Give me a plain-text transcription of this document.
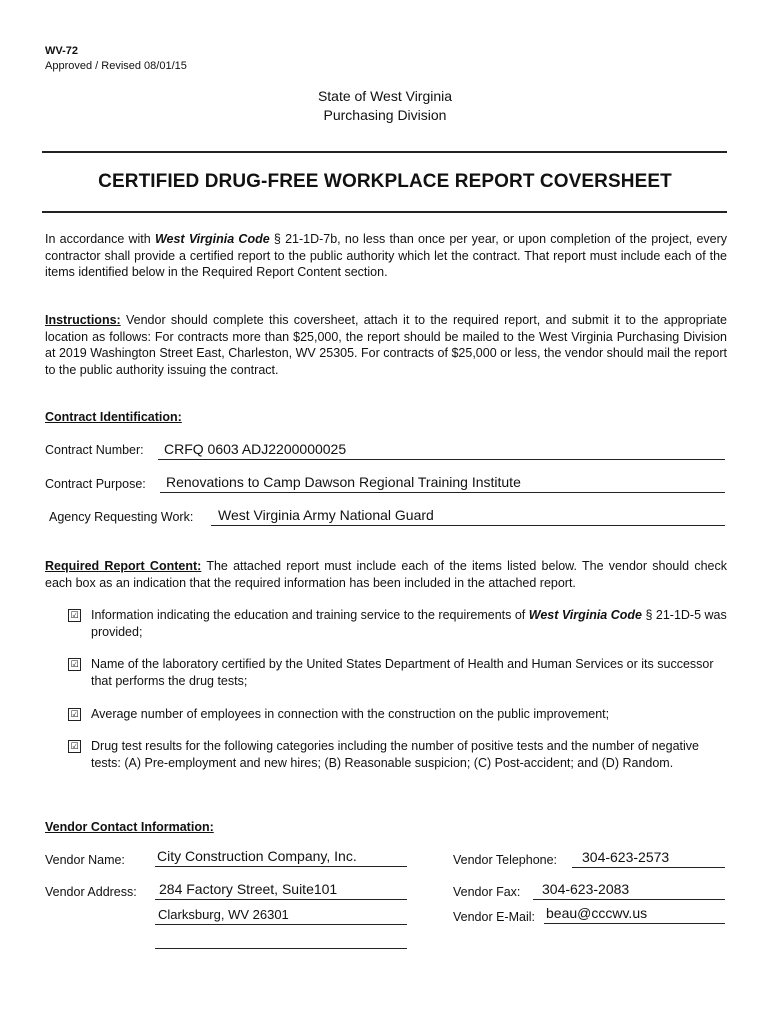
WV-72
Approved / Revised 08/01/15
State of West Virginia
Purchasing Division
CERTIFIED DRUG-FREE WORKPLACE REPORT COVERSHEET
In accordance with West Virginia Code § 21-1D-7b, no less than once per year, or upon completion of the project, every contractor shall provide a certified report to the public authority which let the contract. That report must include each of the items identified below in the Required Report Content section.
Instructions: Vendor should complete this coversheet, attach it to the required report, and submit it to the appropriate location as follows: For contracts more than $25,000, the report should be mailed to the West Virginia Purchasing Division at 2019 Washington Street East, Charleston, WV 25305. For contracts of $25,000 or less, the vendor should mail the report to the public authority issuing the contract.
Contract Identification:
Contract Number: CRFQ 0603 ADJ2200000025
Contract Purpose: Renovations to Camp Dawson Regional Training Institute
Agency Requesting Work: West Virginia Army National Guard
Required Report Content: The attached report must include each of the items listed below. The vendor should check each box as an indication that the required information has been included in the attached report.
☑ Information indicating the education and training service to the requirements of West Virginia Code § 21-1D-5 was provided;
☑ Name of the laboratory certified by the United States Department of Health and Human Services or its successor that performs the drug tests;
☑ Average number of employees in connection with the construction on the public improvement;
☑ Drug test results for the following categories including the number of positive tests and the number of negative tests: (A) Pre-employment and new hires; (B) Reasonable suspicion; (C) Post-accident; and (D) Random.
Vendor Contact Information:
Vendor Name: City Construction Company, Inc.
Vendor Address: 284 Factory Street, Suite101
Clarksburg, WV 26301
Vendor Telephone: 304-623-2573
Vendor Fax: 304-623-2083
Vendor E-Mail: beau@cccwv.us
